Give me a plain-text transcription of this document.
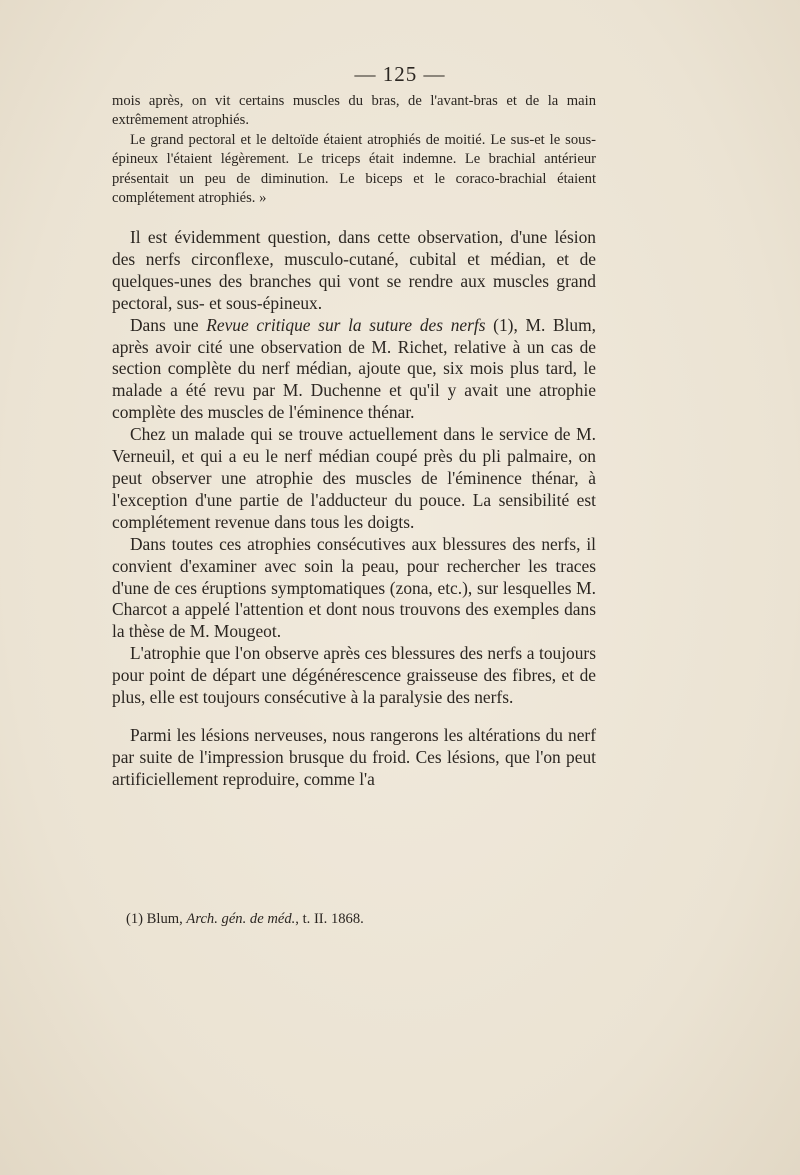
— 125 —

mois après, on vit certains muscles du bras, de l'avant-bras et de la main extrêmement atrophiés.

Le grand pectoral et le deltoïde étaient atrophiés de moitié. Le sus-et le sous-épineux l'étaient légèrement. Le triceps était indemne. Le brachial antérieur présentait un peu de diminution. Le biceps et le coraco-brachial étaient complétement atrophiés. »

Il est évidemment question, dans cette observation, d'une lésion des nerfs circonflexe, musculo-cutané, cubital et médian, et de quelques-unes des branches qui vont se rendre aux muscles grand pectoral, sus- et sous-épineux.

Dans une Revue critique sur la suture des nerfs (1), M. Blum, après avoir cité une observation de M. Richet, relative à un cas de section complète du nerf médian, ajoute que, six mois plus tard, le malade a été revu par M. Duchenne et qu'il y avait une atrophie complète des muscles de l'éminence thénar.

Chez un malade qui se trouve actuellement dans le service de M. Verneuil, et qui a eu le nerf médian coupé près du pli palmaire, on peut observer une atrophie des muscles de l'éminence thénar, à l'exception d'une partie de l'adducteur du pouce. La sensibilité est complétement revenue dans tous les doigts.

Dans toutes ces atrophies consécutives aux blessures des nerfs, il convient d'examiner avec soin la peau, pour rechercher les traces d'une de ces éruptions symptomatiques (zona, etc.), sur lesquelles M. Charcot a appelé l'attention et dont nous trouvons des exemples dans la thèse de M. Mougeot.

L'atrophie que l'on observe après ces blessures des nerfs a toujours pour point de départ une dégénérescence graisseuse des fibres, et de plus, elle est toujours consécutive à la paralysie des nerfs.

Parmi les lésions nerveuses, nous rangerons les altérations du nerf par suite de l'impression brusque du froid. Ces lésions, que l'on peut artificiellement reproduire, comme l'a

(1) Blum, Arch. gén. de méd., t. II. 1868.
